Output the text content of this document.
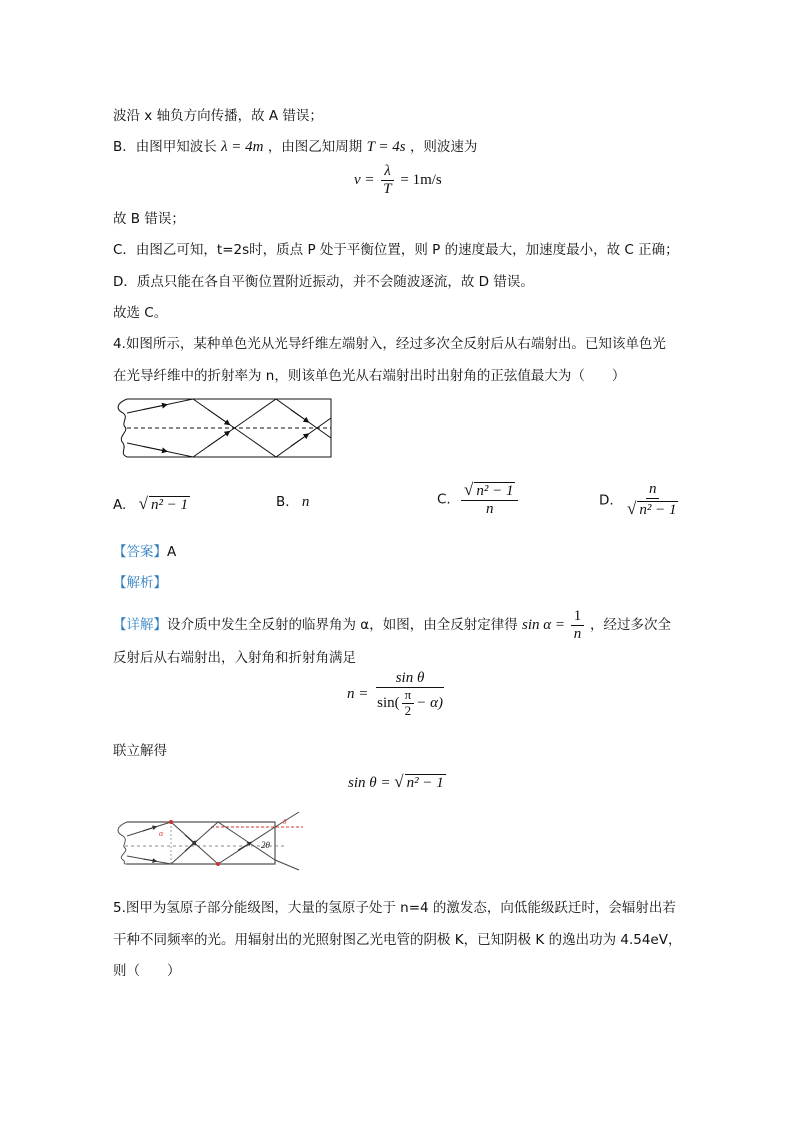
波沿 x 轴负方向传播，故 A 错误；
B．由图甲知波长 λ = 4m ，由图乙知周期 T = 4s ，则波速为
$v = \frac{\lambda}{T} = 1m/s$
故 B 错误；
C．由图乙可知，t=2s时，质点 P 处于平衡位置，则 P 的速度最大，加速度最小，故 C 正确；
D．质点只能在各自平衡位置附近振动，并不会随波逐流，故 D 错误。
故选 C。
4.如图所示，某种单色光从光导纤维左端射入，经过多次全反射后从右端射出。已知该单色光
在光导纤维中的折射率为 n，则该单色光从右端射出时出射角的正弦值最大为（　　）
A. √ n² − 1	B. n	C. $\frac{\text{√ n² − 1}}{n}$	D. $\frac{n}{\text{√ n² − 1}}$
【答案】A
【解析】
【详解】设介质中发生全反射的临界角为 α，如图，由全反射定律得 $\sin \alpha = \frac{1}{n}$ ，经过多次全
反射后从右端射出，入射角和折射角满足
$n = \frac{\text{sin θ}}{\sin( \frac{\pi}{2} - \alpha)}$
联立解得
sin θ = √ n² − 1
α
2θ
θ
5.图甲为氢原子部分能级图，大量的氢原子处于 n=4 的激发态，向低能级跃迁时，会辐射出若
干种不同频率的光。用辐射出的光照射图乙光电管的阴极 K，已知阴极 K 的逸出功为 4.54eV，
则（　　）
